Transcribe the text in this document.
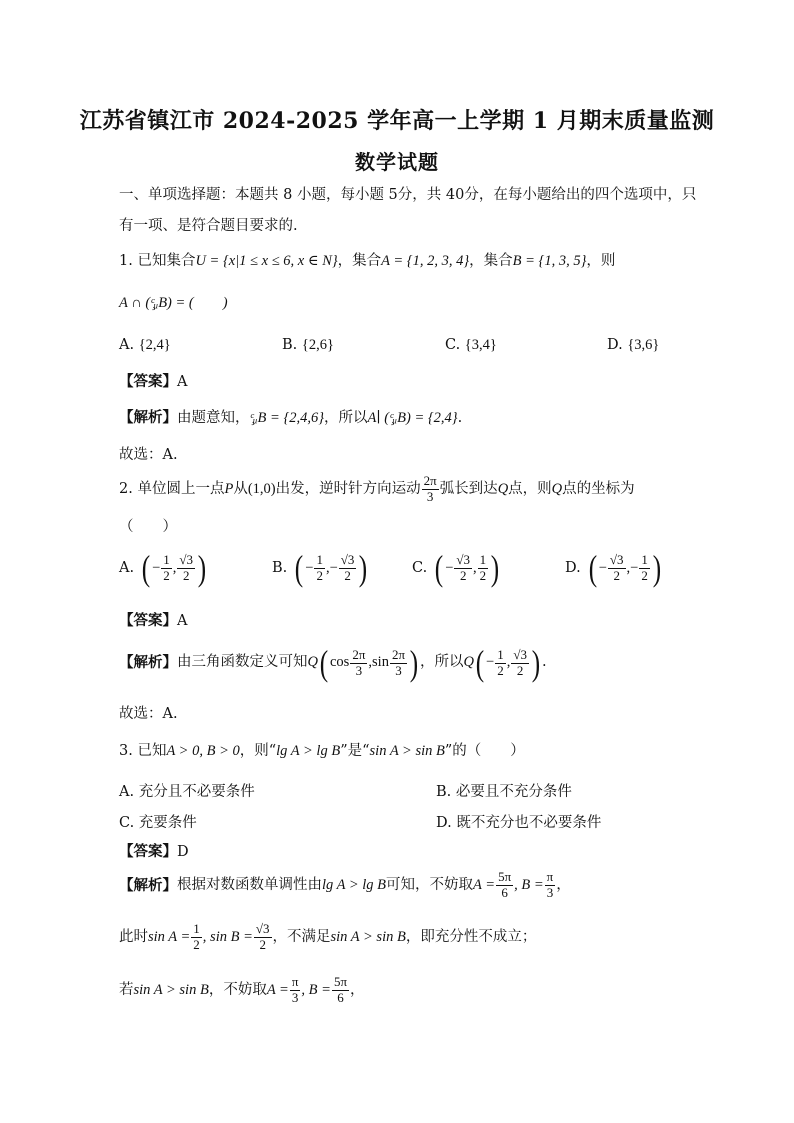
江苏省镇江市 2024-2025 学年高一上学期 1 月期末质量监测
数学试题
一、单项选择题：本题共 8 小题，每小题 5分，共 40分，在每小题给出的四个选项中，只
有一项、是符合题目要求的.
1. 已知集合U = {x|1 ≤ x ≤ 6, x ∈ N}，集合A = {1, 2, 3, 4}，集合B = {1, 3, 5}，则
A ∩ (ᶜ̧ᵤB) = (　　)
A. {2,4}	B. {2,6}	C. {3,4}	D. {3,6}
【答案】A
【解析】由题意知，ᶜ̧ᵤB = {2,4,6}，所以A∣ (ᶜ̧ᵤB) = {2,4}.
故选：A.
2.
单位圆上一点 P 从 (1,0) 出发，逆时针方向运动 $\frac{2\pi}{3}$ 弧长到达 Q 点，则 Q 点的坐标为
（　　）
A. ( − $\frac{1}{2}$ , $\frac{√3}{2}$ )	B. ( − $\frac{1}{2}$ , − $\frac{√3}{2}$ )	C. ( − $\frac{√3}{2}$ , $\frac{1}{2}$ )	D. ( − $\frac{√3}{2}$ , − $\frac{1}{2}$ )
【答案】A
【解析】 由三角函数定义可知 Q ( $\cos \frac{2\pi}{3}$ , $\sin \frac{2\pi}{3}$ ) ，所以 Q ( − $\frac{1}{2}$ , $\frac{√3}{2}$ ) .
故选：A.
3. 已知A > 0, B > 0，则“lg A > lg B”是“sin A > sin B”的（　　）
A. 充分且不必要条件	B. 必要且不充分条件
C. 充要条件	D. 既不充分也不必要条件
【答案】D
【解析】 根据对数函数单调性由 lg A > lg B 可知，不妨取 $A = \frac{5\pi}{6}$ , $B = \frac{\pi}{3}$ ，
此时 $\sin A = \frac{1}{2}$ , $\sin B = \frac{√3}{2}$ ，不满足 sin A > sin B ，即充分性不成立；
若 sin A > sin B ，不妨取 $A = \frac{\pi}{3}$ , $B = \frac{5\pi}{6}$ ，
